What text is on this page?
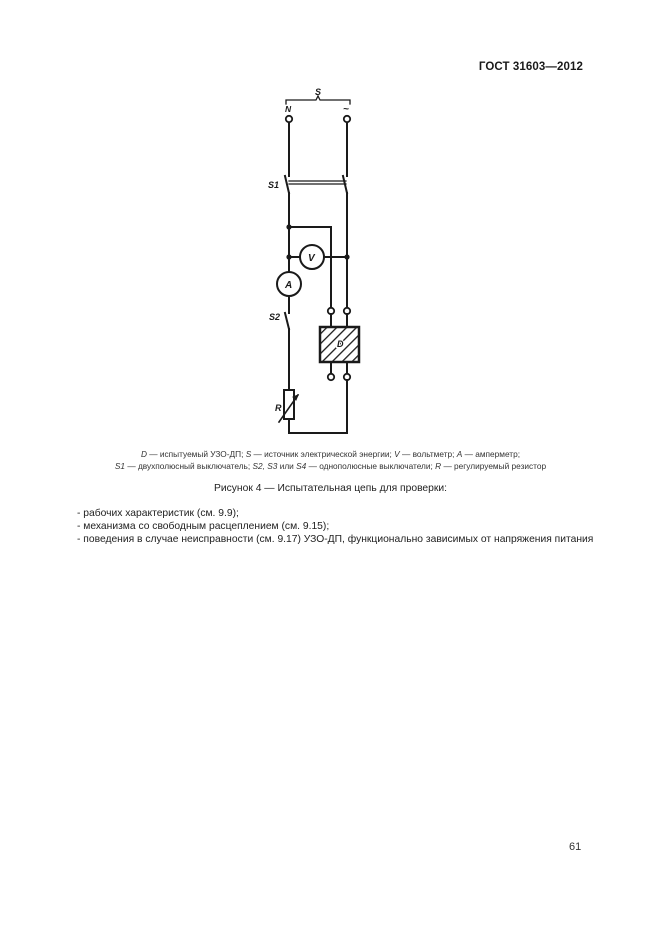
ГОСТ 31603—2012
S
N	~
S1
V
A
S2
D
R
D — испытуемый УЗО-ДП; S — источник электрической энергии; V — вольтметр; A — амперметр;
S1 — двухполюсный выключатель; S2, S3 или S4 — однополюсные выключатели; R — регулируемый резистор
Рисунок 4 — Испытательная цепь для проверки:
- рабочих характеристик (см. 9.9);
- механизма со свободным расцеплением (см. 9.15);
- поведения в случае неисправности (см. 9.17) УЗО-ДП, функционально зависимых от напряжения питания
61
